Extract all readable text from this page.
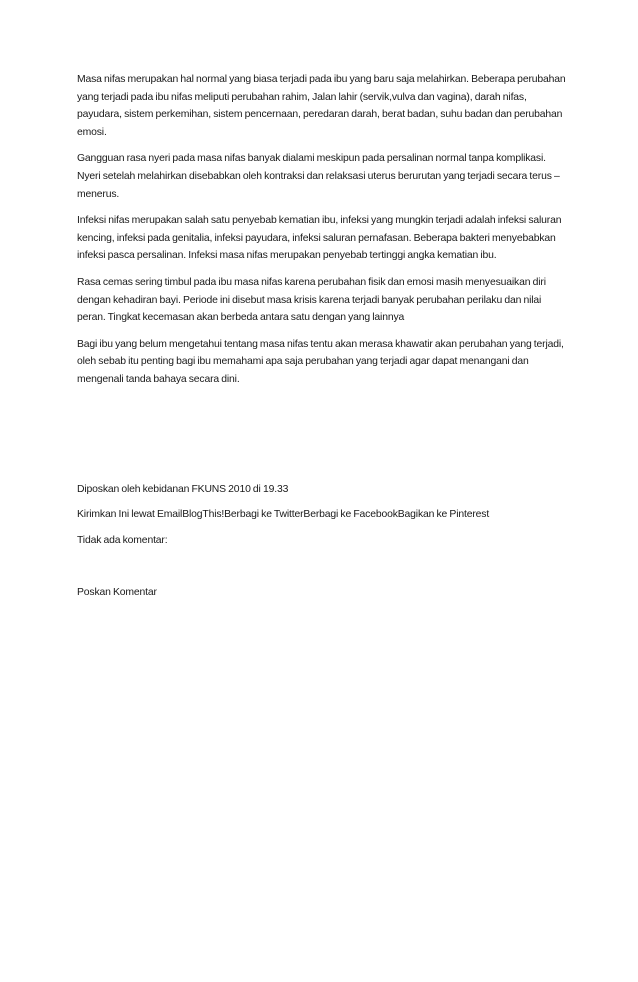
Masa nifas merupakan hal normal yang biasa terjadi pada ibu yang baru saja melahirkan. Beberapa perubahan yang terjadi pada ibu nifas meliputi perubahan rahim, Jalan lahir (servik,vulva dan vagina), darah nifas, payudara, sistem perkemihan, sistem pencernaan, peredaran darah, berat badan, suhu badan dan perubahan emosi.

Gangguan rasa nyeri pada masa nifas banyak dialami meskipun pada persalinan normal tanpa komplikasi. Nyeri setelah melahirkan disebabkan oleh kontraksi dan relaksasi uterus berurutan yang terjadi secara terus – menerus.

Infeksi nifas merupakan salah satu penyebab kematian ibu, infeksi yang mungkin terjadi adalah infeksi saluran kencing, infeksi pada genitalia, infeksi payudara, infeksi saluran pernafasan. Beberapa bakteri menyebabkan infeksi pasca persalinan. Infeksi masa nifas merupakan penyebab tertinggi angka kematian ibu.

Rasa cemas sering timbul pada ibu masa nifas karena perubahan fisik dan emosi masih menyesuaikan diri dengan kehadiran bayi. Periode ini disebut masa krisis karena terjadi banyak perubahan perilaku dan nilai peran. Tingkat kecemasan akan berbeda antara satu dengan yang lainnya

Bagi ibu yang belum mengetahui tentang masa nifas tentu akan merasa khawatir akan perubahan yang terjadi, oleh sebab itu penting bagi ibu memahami apa saja perubahan yang terjadi agar dapat menangani dan mengenali tanda bahaya secara dini.

Diposkan oleh kebidanan FKUNS 2010 di 19.33

Kirimkan Ini lewat EmailBlogThis!Berbagi ke TwitterBerbagi ke FacebookBagikan ke Pinterest

Tidak ada komentar:

Poskan Komentar
